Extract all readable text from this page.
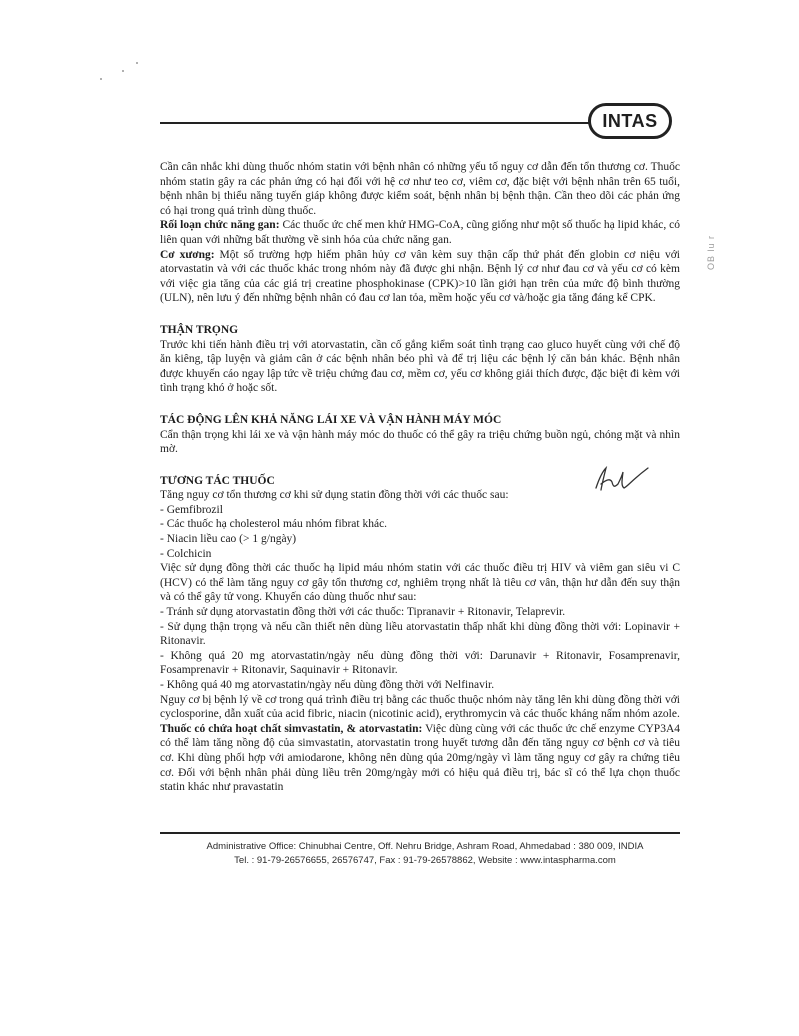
INTAS
OB lu r

Cần cân nhắc khi dùng thuốc nhóm statin với bệnh nhân có những yếu tố nguy cơ dẫn đến tổn thương cơ. Thuốc nhóm statin gây ra các phản ứng có hại đối với hệ cơ như teo cơ, viêm cơ, đặc biệt với bệnh nhân trên 65 tuổi, bệnh nhân bị thiểu năng tuyến giáp không được kiểm soát, bệnh nhân bị bệnh thận. Cần theo dõi các phản ứng có hại trong quá trình dùng thuốc.

Rối loạn chức năng gan: Các thuốc ức chế men khử HMG-CoA, cũng giống như một số thuốc hạ lipid khác, có liên quan với những bất thường về sinh hóa của chức năng gan.

Cơ xương: Một số trường hợp hiếm phân hủy cơ vân kèm suy thận cấp thứ phát đến globin cơ niệu với atorvastatin và với các thuốc khác trong nhóm này đã được ghi nhận. Bệnh lý cơ như đau cơ và yếu cơ có kèm với việc gia tăng của các giá trị creatine phosphokinase (CPK)>10 lần giới hạn trên của mức độ bình thường (ULN), nên lưu ý đến những bệnh nhân có đau cơ lan tỏa, mềm hoặc yếu cơ và/hoặc gia tăng đáng kể CPK.

THẬN TRỌNG

Trước khi tiến hành điều trị với atorvastatin, cần cố gắng kiểm soát tình trạng cao gluco huyết cùng với chế độ ăn kiêng, tập luyện và giảm cân ở các bệnh nhân béo phì và để trị liệu các bệnh lý căn bản khác. Bệnh nhân được khuyến cáo ngay lập tức về triệu chứng đau cơ, mềm cơ, yếu cơ không giải thích được, đặc biệt đi kèm với tình trạng khó ở hoặc sốt.

TÁC ĐỘNG LÊN KHẢ NĂNG LÁI XE VÀ VẬN HÀNH MÁY MÓC

Cẩn thận trọng khi lái xe và vận hành máy móc do thuốc có thể gây ra triệu chứng buồn ngủ, chóng mặt và nhìn mờ.

TƯƠNG TÁC THUỐC

Tăng nguy cơ tổn thương cơ khi sử dụng statin đồng thời với các thuốc sau:

- Gemfibrozil

- Các thuốc hạ cholesterol máu nhóm fibrat khác.

- Niacin liều cao (> 1 g/ngày)

- Colchicin

Việc sử dụng đồng thời các thuốc hạ lipid máu nhóm statin với các thuốc điều trị HIV và viêm gan siêu vi C (HCV) có thể làm tăng nguy cơ gây tổn thương cơ, nghiêm trọng nhất là tiêu cơ vân, thận hư dẫn đến suy thận và có thể gây tử vong. Khuyến cáo dùng thuốc như sau:

- Tránh sử dụng atorvastatin đồng thời với các thuốc: Tipranavir + Ritonavir, Telaprevir.

- Sử dụng thận trọng và nếu cần thiết nên dùng liều atorvastatin thấp nhất khi dùng đồng thời với: Lopinavir + Ritonavir.

- Không quá 20 mg atorvastatin/ngày nếu dùng đồng thời với: Darunavir + Ritonavir, Fosamprenavir, Fosamprenavir + Ritonavir, Saquinavir + Ritonavir.

- Không quá 40 mg atorvastatin/ngày nếu dùng đồng thời với Nelfinavir.

Nguy cơ bị bệnh lý về cơ trong quá trình điều trị bằng các thuốc thuộc nhóm này tăng lên khi dùng đồng thời với cyclosporine, dẫn xuất của acid fibric, niacin (nicotinic acid), erythromycin và các thuốc kháng nấm nhóm azole.

Thuốc có chứa hoạt chất simvastatin, & atorvastatin: Việc dùng cùng với các thuốc ức chế enzyme CYP3A4 có thể làm tăng nồng độ của simvastatin, atorvastatin trong huyết tương dẫn đến tăng nguy cơ bệnh cơ và tiêu cơ. Khi dùng phối hợp với amiodarone, không nên dùng qúa 20mg/ngày vì làm tăng nguy cơ gây ra chứng tiêu cơ. Đối với bệnh nhân phải dùng liều trên 20mg/ngày mới có hiệu quả điều trị, bác sĩ có thể lựa chọn thuốc statin khác như pravastatin

Administrative Office: Chinubhai Centre, Off. Nehru Bridge, Ashram Road, Ahmedabad : 380 009, INDIA
Tel. : 91-79-26576655, 26576747, Fax : 91-79-26578862, Website : www.intaspharma.com
